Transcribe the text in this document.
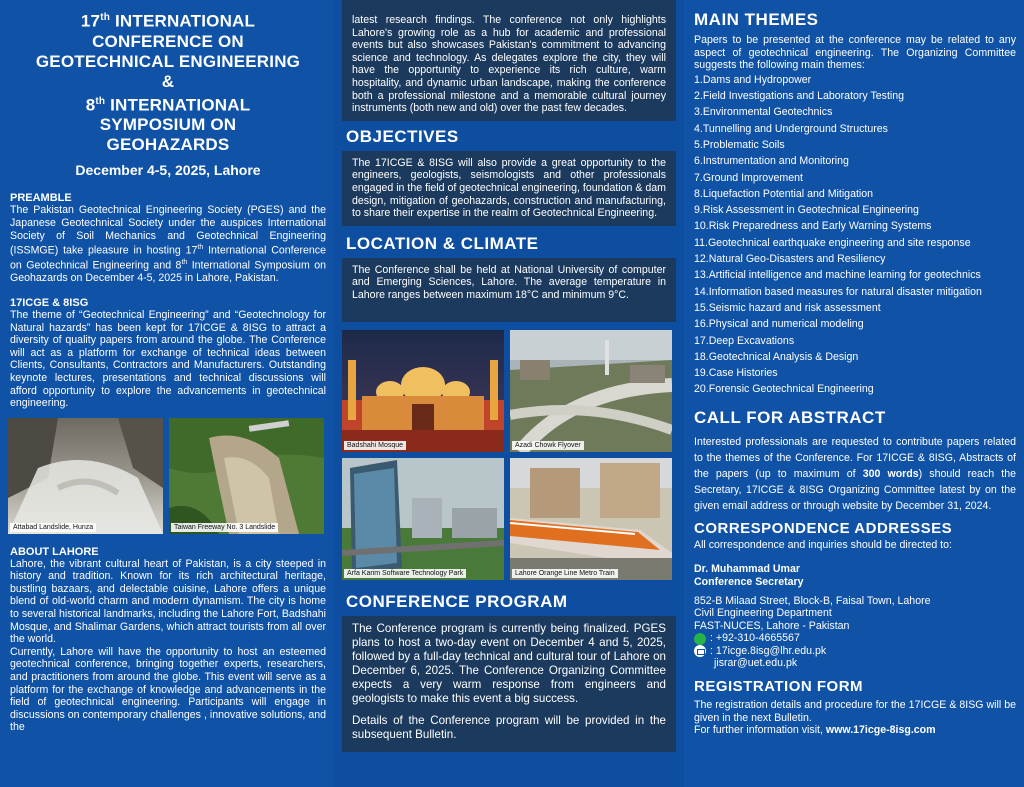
17th INTERNATIONAL
CONFERENCE ON
GEOTECHNICAL ENGINEERING
&
8th INTERNATIONAL
SYMPOSIUM ON
GEOHAZARDS
December 4-5, 2025, Lahore
PREAMBLE
The Pakistan Geotechnical Engineering Society (PGES) and the Japanese Geotechnical Society under the auspices International Society of Soil Mechanics and Geotechnical Engineering (ISSMGE) take pleasure in hosting 17th International Conference on Geotechnical Engineering and 8th International Symposium on Geohazards on December 4-5, 2025 in Lahore, Pakistan.
17ICGE & 8ISG
The theme of “Geotechnical Engineering” and “Geotechnology for Natural hazards” has been kept for 17ICGE & 8ISG to attract a diversity of quality papers from around the globe. The Conference will act as a platform for exchange of technical ideas between Clients, Consultants, Contractors and Manufacturers. Outstanding keynote lectures, presentations and technical discussions will afford opportunity to explore the advancements in geotechnical engineering.
Attabad Landslide, Hunza	Taiwan Freeway No. 3 Landslide
ABOUT LAHORE
Lahore, the vibrant cultural heart of Pakistan, is a city steeped in history and tradition. Known for its rich architectural heritage, bustling bazaars, and delectable cuisine, Lahore offers a unique blend of old-world charm and modern dynamism. The city is home to several historical landmarks, including the Lahore Fort, Badshahi Mosque, and Shalimar Gardens, which attract tourists from all over the world.
Currently, Lahore will have the opportunity to host an esteemed geotechnical conference, bringing together experts, researchers, and practitioners from around the globe. This event will serve as a platform for the exchange of knowledge and advancements in the field of geotechnical engineering. Participants will engage in discussions on contemporary challenges , innovative solutions, and the
latest research findings. The conference not only highlights Lahore's growing role as a hub for academic and professional events but also showcases Pakistan's commitment to advancing science and technology. As delegates explore the city, they will have the opportunity to experience its rich culture, warm hospitality, and dynamic urban landscape, making the conference both a professional milestone and a memorable cultural journey instruments (both new and old) over the past few decades.
OBJECTIVES
The 17ICGE & 8ISG will also provide a great opportunity to the engineers, geologists, seismologists and other professionals engaged in the field of geotechnical engineering, foundation & dam design, mitigation of geohazards, construction and manufacturing, to share their expertise in the realm of Geotechnical Engineering.
LOCATION & CLIMATE
The Conference shall be held at National University of computer and Emerging Sciences, Lahore. The average temperature in Lahore ranges between maximum 18°C and minimum 9°C.
Badshahi Mosque	Azadi Chowk Flyover
Arfa Karim Software Technology Park	Lahore Orange Line Metro Train
CONFERENCE PROGRAM
The Conference program is currently being finalized. PGES plans to host a two-day event on December 4 and 5, 2025, followed by a full-day technical and cultural tour of Lahore on December 6, 2025. The Conference Organizing Committee expects a very warm response from engineers and geologists to make this event a big success.
Details of the Conference program will be provided in the subsequent Bulletin.
MAIN THEMES
Papers to be presented at the conference may be related to any aspect of geotechnical engineering. The Organizing Committee suggests the following main themes:
1.Dams and Hydropower
2.Field Investigations and Laboratory Testing
3.Environmental Geotechnics
4.Tunnelling and Underground Structures
5.Problematic Soils
6.Instrumentation and Monitoring
7.Ground Improvement
8.Liquefaction Potential and Mitigation
9.Risk Assessment in Geotechnical Engineering
10.Risk Preparedness and Early Warning Systems
11.Geotechnical earthquake engineering and site response
12.Natural Geo-Disasters and Resiliency
13.Artificial intelligence and machine learning for geotechnics
14.Information based measures for natural disaster mitigation
15.Seismic hazard and risk assessment
16.Physical and numerical modeling
17.Deep Excavations
18.Geotechnical Analysis & Design
19.Case Histories
20.Forensic Geotechnical Engineering
CALL FOR ABSTRACT
Interested professionals are requested to contribute papers related to the themes of the Conference. For 17ICGE & 8ISG, Abstracts of the papers (up to maximum of 300 words) should reach the Secretary, 17ICGE & 8ISG Organizing Committee latest by on the given email address or through website by December 31, 2024.
CORRESPONDENCE ADDRESSES
All correspondence and inquiries should be directed to:
Dr. Muhammad Umar
Conference Secretary
852-B Milaad Street, Block-B, Faisal Town, Lahore
Civil Engineering Department
FAST-NUCES, Lahore - Pakistan
: +92-310-4665567
: 17icge.8isg@lhr.edu.pk
jisrar@uet.edu.pk
REGISTRATION FORM
The registration details and procedure for the 17ICGE & 8ISG will be given in the next Bulletin.
For further information visit, www.17icge-8isg.com
